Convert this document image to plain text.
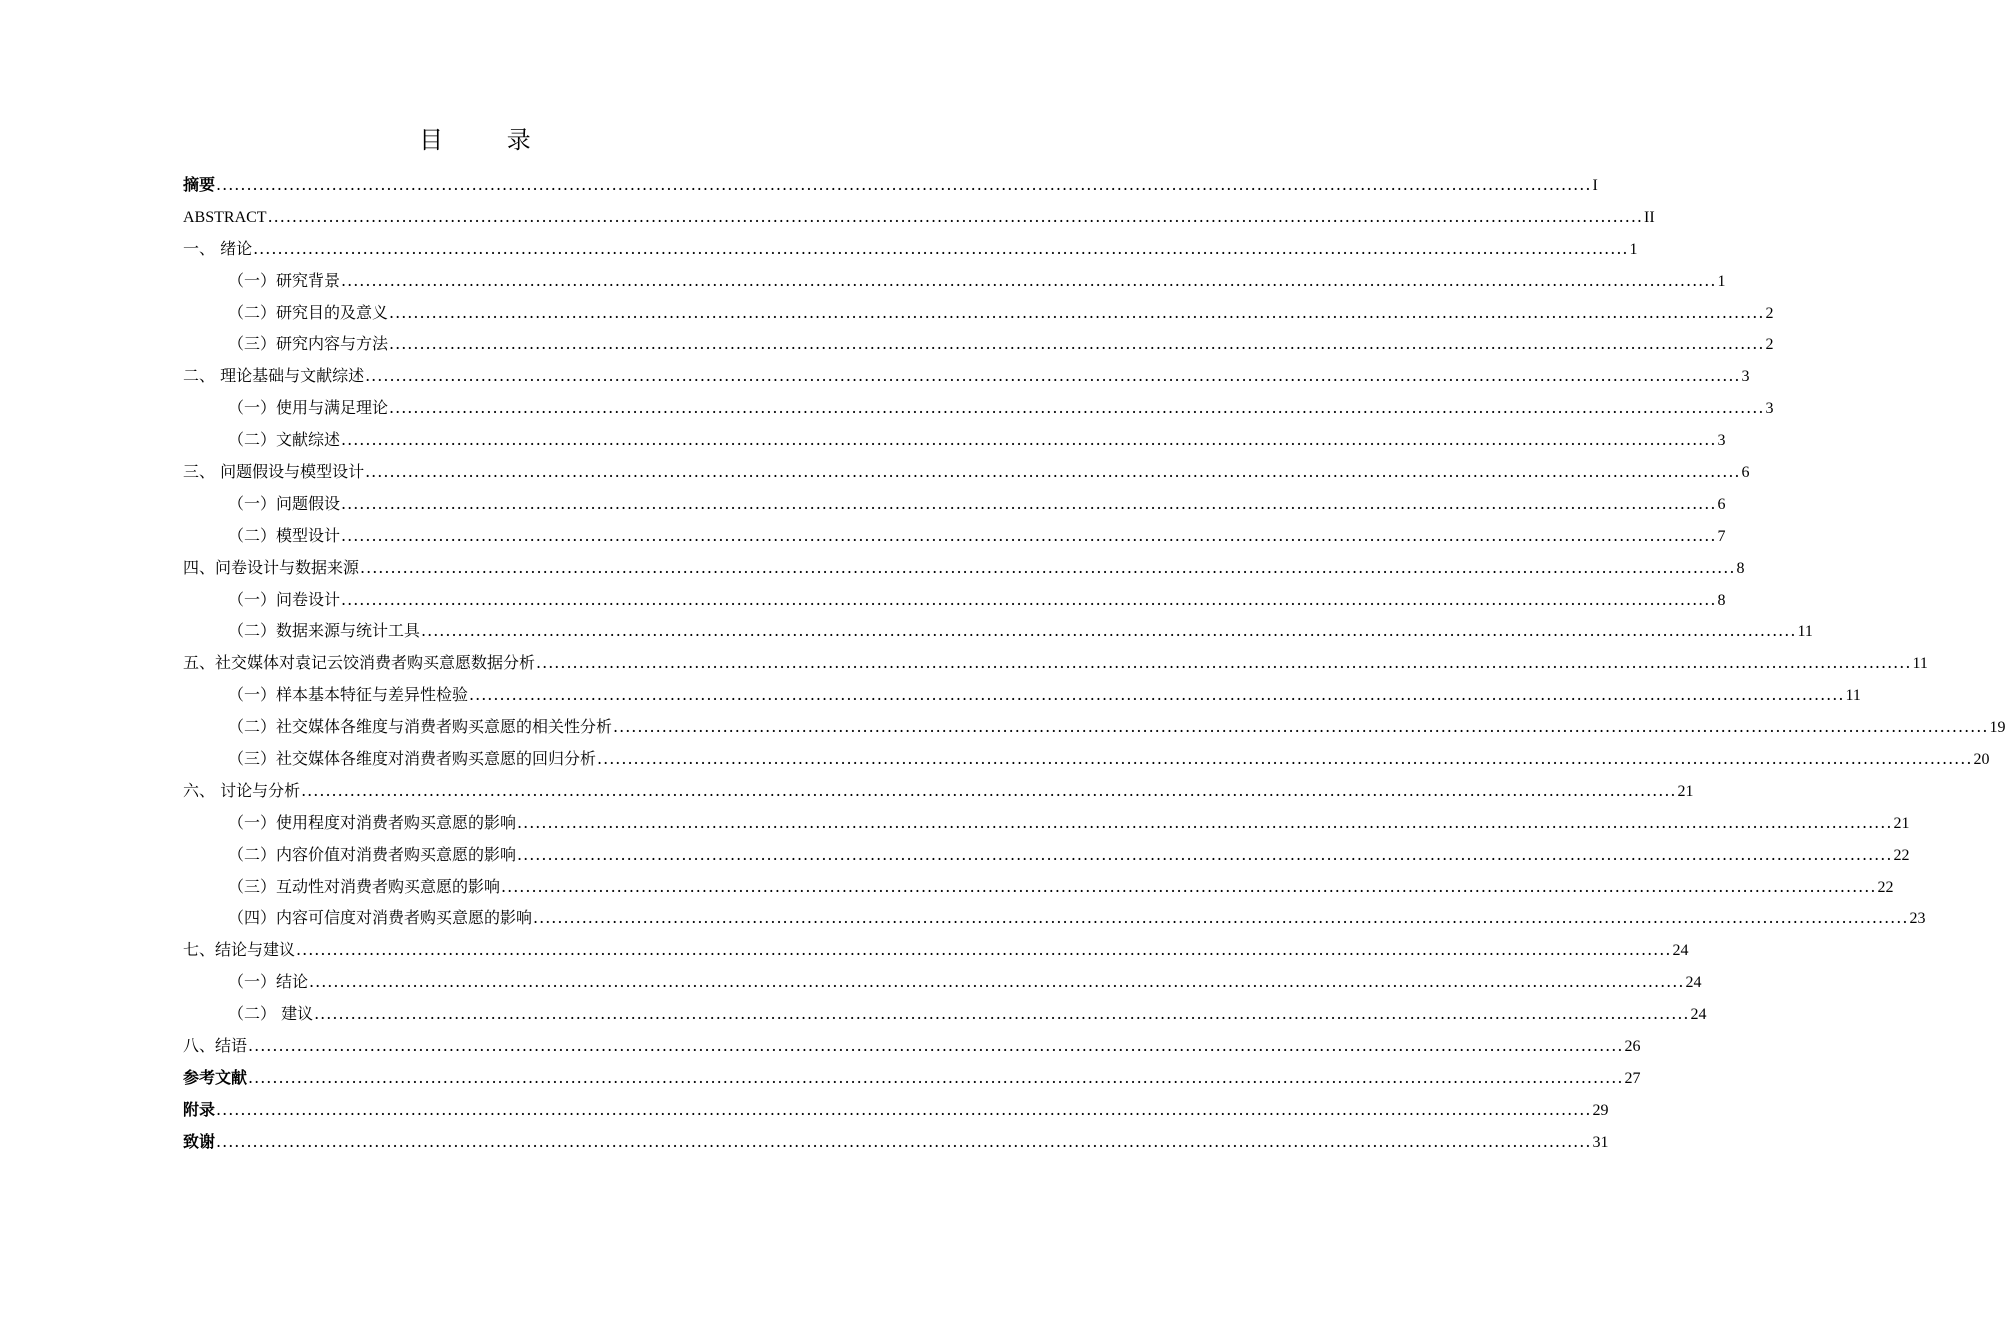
目 录
摘要 .................................................................................................................................................................................................................................. I
ABSTRACT .................................................................................................................................................................................................................................. II
一、 绪论 .................................................................................................................................................................................................................................. 1
（一）研究背景 .................................................................................................................................................................................................................................. 1
（二）研究目的及意义 .................................................................................................................................................................................................................................. 2
（三）研究内容与方法 .................................................................................................................................................................................................................................. 2
二、 理论基础与文献综述 .................................................................................................................................................................................................................................. 3
（一）使用与满足理论 .................................................................................................................................................................................................................................. 3
（二）文献综述 .................................................................................................................................................................................................................................. 3
三、 问题假设与模型设计 .................................................................................................................................................................................................................................. 6
（一）问题假设 .................................................................................................................................................................................................................................. 6
（二）模型设计 .................................................................................................................................................................................................................................. 7
四、问卷设计与数据来源 .................................................................................................................................................................................................................................. 8
（一）问卷设计 .................................................................................................................................................................................................................................. 8
（二）数据来源与统计工具 .................................................................................................................................................................................................................................. 11
五、社交媒体对袁记云饺消费者购买意愿数据分析 .................................................................................................................................................................................................................................. 11
（一）样本基本特征与差异性检验 .................................................................................................................................................................................................................................. 11
（二）社交媒体各维度与消费者购买意愿的相关性分析 .................................................................................................................................................................................................................................. 19
（三）社交媒体各维度对消费者购买意愿的回归分析 .................................................................................................................................................................................................................................. 20
六、 讨论与分析 .................................................................................................................................................................................................................................. 21
（一）使用程度对消费者购买意愿的影响 .................................................................................................................................................................................................................................. 21
（二）内容价值对消费者购买意愿的影响 .................................................................................................................................................................................................................................. 22
（三）互动性对消费者购买意愿的影响 .................................................................................................................................................................................................................................. 22
（四）内容可信度对消费者购买意愿的影响 .................................................................................................................................................................................................................................. 23
七、结论与建议 .................................................................................................................................................................................................................................. 24
（一）结论 .................................................................................................................................................................................................................................. 24
（二） 建议 .................................................................................................................................................................................................................................. 24
八、结语 .................................................................................................................................................................................................................................. 26
参考文献 .................................................................................................................................................................................................................................. 27
附录 .................................................................................................................................................................................................................................. 29
致谢 .................................................................................................................................................................................................................................. 31
